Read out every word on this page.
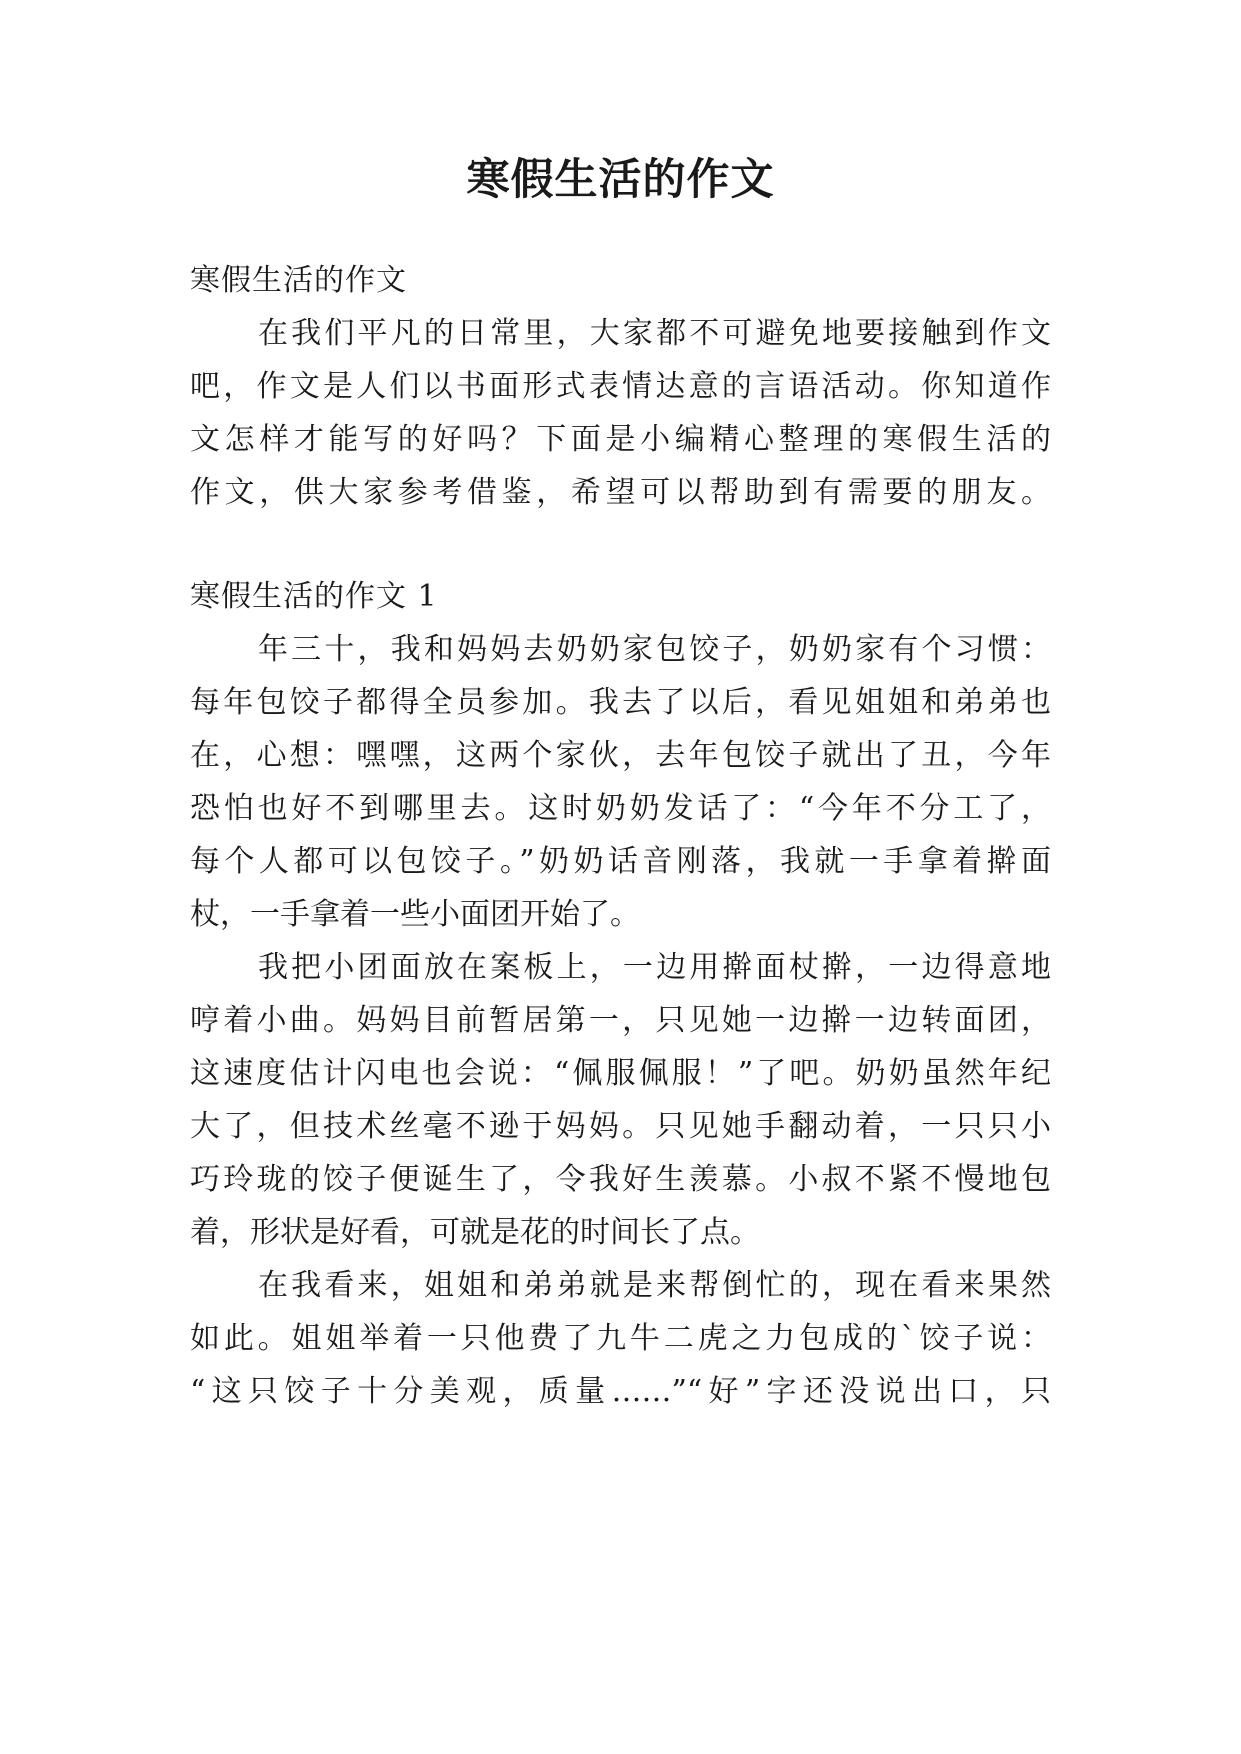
寒假生活的作文

寒假生活的作文

在我们平凡的日常里，大家都不可避免地要接触到作文

吧，作文是人们以书面形式表情达意的言语活动。你知道作

文怎样才能写的好吗？下面是小编精心整理的寒假生活的

作文，供大家参考借鉴，希望可以帮助到有需要的朋友。

寒假生活的作文 1

年三十，我和妈妈去奶奶家包饺子，奶奶家有个习惯：

每年包饺子都得全员参加。我去了以后，看见姐姐和弟弟也

在，心想：嘿嘿，这两个家伙，去年包饺子就出了丑，今年

恐怕也好不到哪里去。这时奶奶发话了：“今年不分工了，

每个人都可以包饺子。”奶奶话音刚落，我就一手拿着擀面

杖，一手拿着一些小面团开始了。

我把小团面放在案板上，一边用擀面杖擀，一边得意地

哼着小曲。妈妈目前暂居第一，只见她一边擀一边转面团，

这速度估计闪电也会说：“佩服佩服！”了吧。奶奶虽然年纪

大了，但技术丝毫不逊于妈妈。只见她手翻动着，一只只小

巧玲珑的饺子便诞生了，令我好生羡慕。小叔不紧不慢地包

着，形状是好看，可就是花的时间长了点。

在我看来，姐姐和弟弟就是来帮倒忙的，现在看来果然

如此。姐姐举着一只他费了九牛二虎之力包成的`饺子说：

“这只饺子十分美观，质量……”“好”字还没说出口，只
